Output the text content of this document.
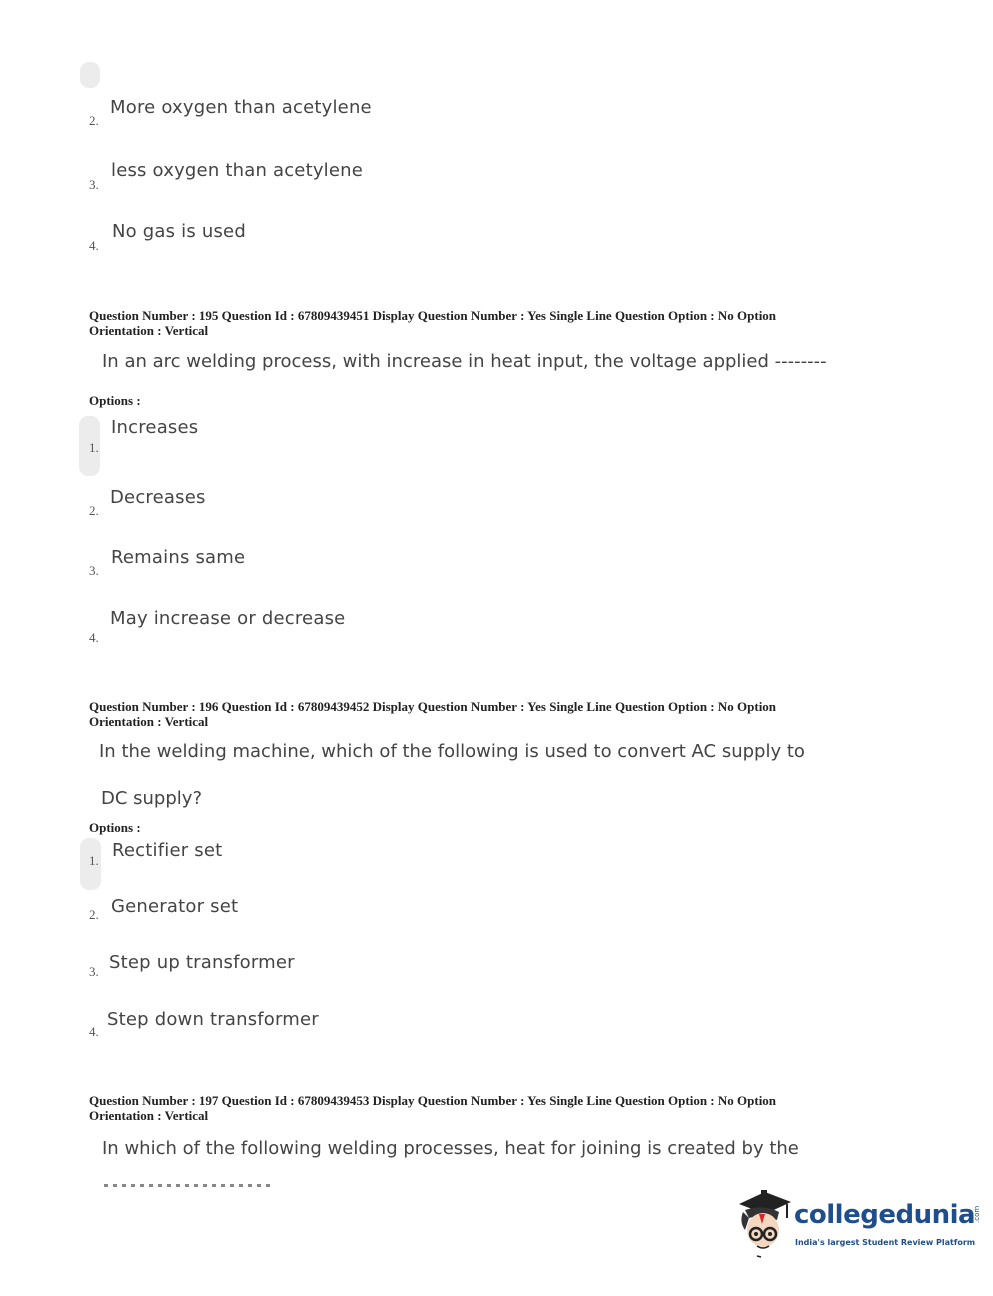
2.
More oxygen than acetylene
3.
less oxygen than acetylene
4.
No gas is used
Question Number : 195 Question Id : 67809439451 Display Question Number : Yes Single Line Question Option : No Option
Orientation : Vertical
In an arc welding process, with increase in heat input, the voltage applied --------
Options :
1.
Increases
2.
Decreases
3.
Remains same
4.
May increase or decrease
Question Number : 196 Question Id : 67809439452 Display Question Number : Yes Single Line Question Option : No Option
Orientation : Vertical
In the welding machine, which of the following is used to convert AC supply to
DC supply?
Options :
1. Rectifier set
2. Generator set
3. Step up transformer
4.
Step down transformer
Question Number : 197 Question Id : 67809439453 Display Question Number : Yes Single Line Question Option : No Option
Orientation : Vertical
In which of the following welding processes, heat for joining is created by the
collegedunia.com
India's largest Student Review Platform
